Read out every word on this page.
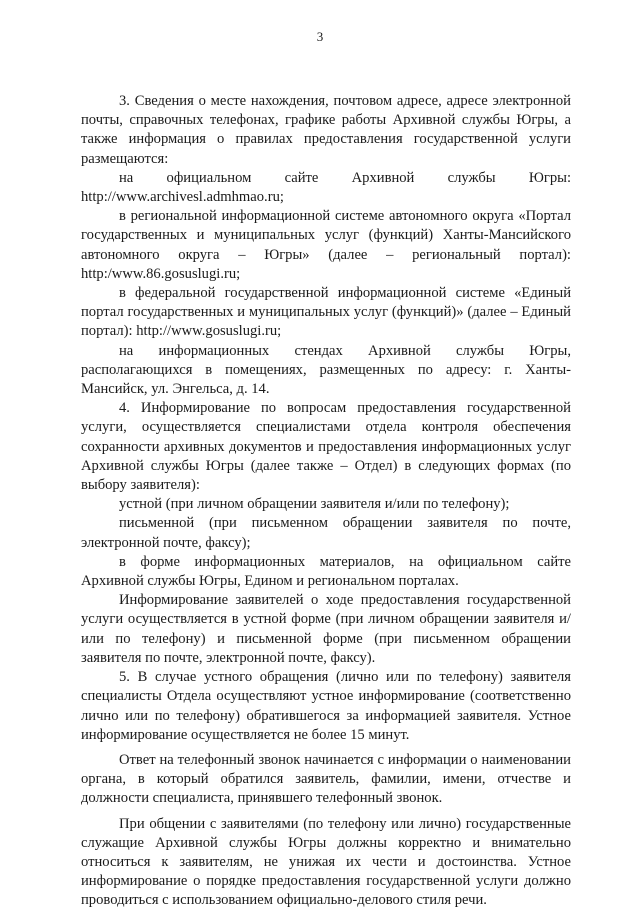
3

3. Сведения о месте нахождения, почтовом адресе, адресе электронной почты, справочных телефонах, графике работы Архивной службы Югры, а также информация о правилах предоставления государственной услуги размещаются:

на официальном сайте Архивной службы Югры: http://www.archivesl.admhmao.ru;

в региональной информационной системе автономного округа «Портал государственных и муниципальных услуг (функций) Ханты-Мансийского автономного округа – Югры» (далее – региональный портал): http:/www.86.gosuslugi.ru;

в федеральной государственной информационной системе «Единый портал государственных и муниципальных услуг (функций)» (далее – Единый портал): http://www.gosuslugi.ru;

на информационных стендах Архивной службы Югры, располагающихся в помещениях, размещенных по адресу: г. Ханты-Мансийск, ул. Энгельса, д. 14.

4. Информирование по вопросам предоставления государственной услуги, осуществляется специалистами отдела контроля обеспечения сохранности архивных документов и предоставления информационных услуг Архивной службы Югры (далее также – Отдел) в следующих формах (по выбору заявителя):

устной (при личном обращении заявителя и/или по телефону);

письменной (при письменном обращении заявителя по почте, электронной почте, факсу);

в форме информационных материалов, на официальном сайте Архивной службы Югры, Едином и региональном порталах.

Информирование заявителей о ходе предоставления государственной услуги осуществляется в устной форме (при личном обращении заявителя и/или по телефону) и письменной форме (при письменном обращении заявителя по почте, электронной почте, факсу).

5. В случае устного обращения (лично или по телефону) заявителя специалисты Отдела осуществляют устное информирование (соответственно лично или по телефону) обратившегося за информацией заявителя. Устное информирование осуществляется не более 15 минут.

Ответ на телефонный звонок начинается с информации о наименовании органа, в который обратился заявитель, фамилии, имени, отчестве и должности специалиста, принявшего телефонный звонок.

При общении с заявителями (по телефону или лично) государственные служащие Архивной службы Югры должны корректно и внимательно относиться к заявителям, не унижая их чести и достоинства. Устное информирование о порядке предоставления государственной услуги должно проводиться с использованием официально-делового стиля речи.
